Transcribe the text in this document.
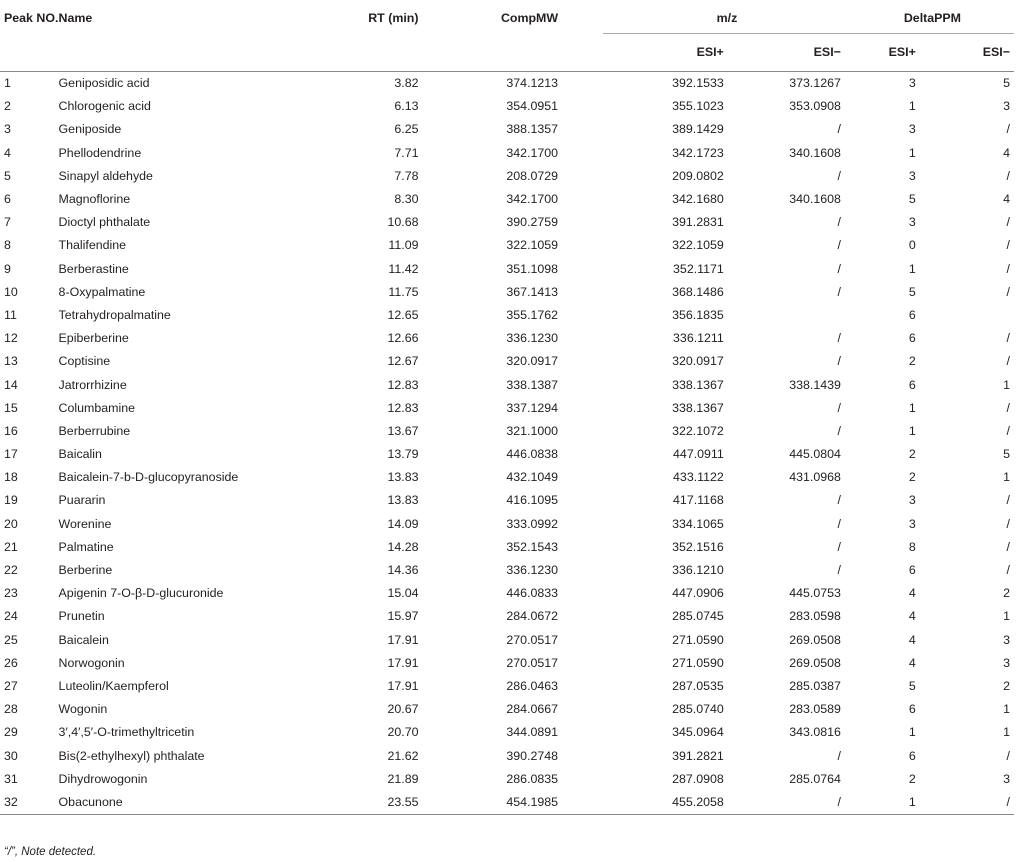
Peak NO.	Name	RT (min)	CompMW	m/z		DeltaPPM	
				ESI+	ESI−	ESI+	ESI−
1	Geniposidic acid	3.82	374.1213	392.1533	373.1267	3	5
2	Chlorogenic acid	6.13	354.0951	355.1023	353.0908	1	3
3	Geniposide	6.25	388.1357	389.1429	/	3	/
4	Phellodendrine	7.71	342.1700	342.1723	340.1608	1	4
5	Sinapyl aldehyde	7.78	208.0729	209.0802	/	3	/
6	Magnoflorine	8.30	342.1700	342.1680	340.1608	5	4
7	Dioctyl phthalate	10.68	390.2759	391.2831	/	3	/
8	Thalifendine	11.09	322.1059	322.1059	/	0	/
9	Berberastine	11.42	351.1098	352.1171	/	1	/
10	8-Oxypalmatine	11.75	367.1413	368.1486	/	5	/
11	Tetrahydropalmatine	12.65	355.1762	356.1835		6	
12	Epiberberine	12.66	336.1230	336.1211	/	6	/
13	Coptisine	12.67	320.0917	320.0917	/	2	/
14	Jatrorrhizine	12.83	338.1387	338.1367	338.1439	6	1
15	Columbamine	12.83	337.1294	338.1367	/	1	/
16	Berberrubine	13.67	321.1000	322.1072	/	1	/
17	Baicalin	13.79	446.0838	447.0911	445.0804	2	5
18	Baicalein-7-b-D-glucopyranoside	13.83	432.1049	433.1122	431.0968	2	1
19	Puararin	13.83	416.1095	417.1168	/	3	/
20	Worenine	14.09	333.0992	334.1065	/	3	/
21	Palmatine	14.28	352.1543	352.1516	/	8	/
22	Berberine	14.36	336.1230	336.1210	/	6	/
23	Apigenin 7-O-β-D-glucuronide	15.04	446.0833	447.0906	445.0753	4	2
24	Prunetin	15.97	284.0672	285.0745	283.0598	4	1
25	Baicalein	17.91	270.0517	271.0590	269.0508	4	3
26	Norwogonin	17.91	270.0517	271.0590	269.0508	4	3
27	Luteolin/Kaempferol	17.91	286.0463	287.0535	285.0387	5	2
28	Wogonin	20.67	284.0667	285.0740	283.0589	6	1
29	3′,4′,5′-O-trimethyltricetin	20.70	344.0891	345.0964	343.0816	1	1
30	Bis(2-ethylhexyl) phthalate	21.62	390.2748	391.2821	/	6	/
31	Dihydrowogonin	21.89	286.0835	287.0908	285.0764	2	3
32	Obacunone	23.55	454.1985	455.2058	/	1	/
“/”, Note detected.
